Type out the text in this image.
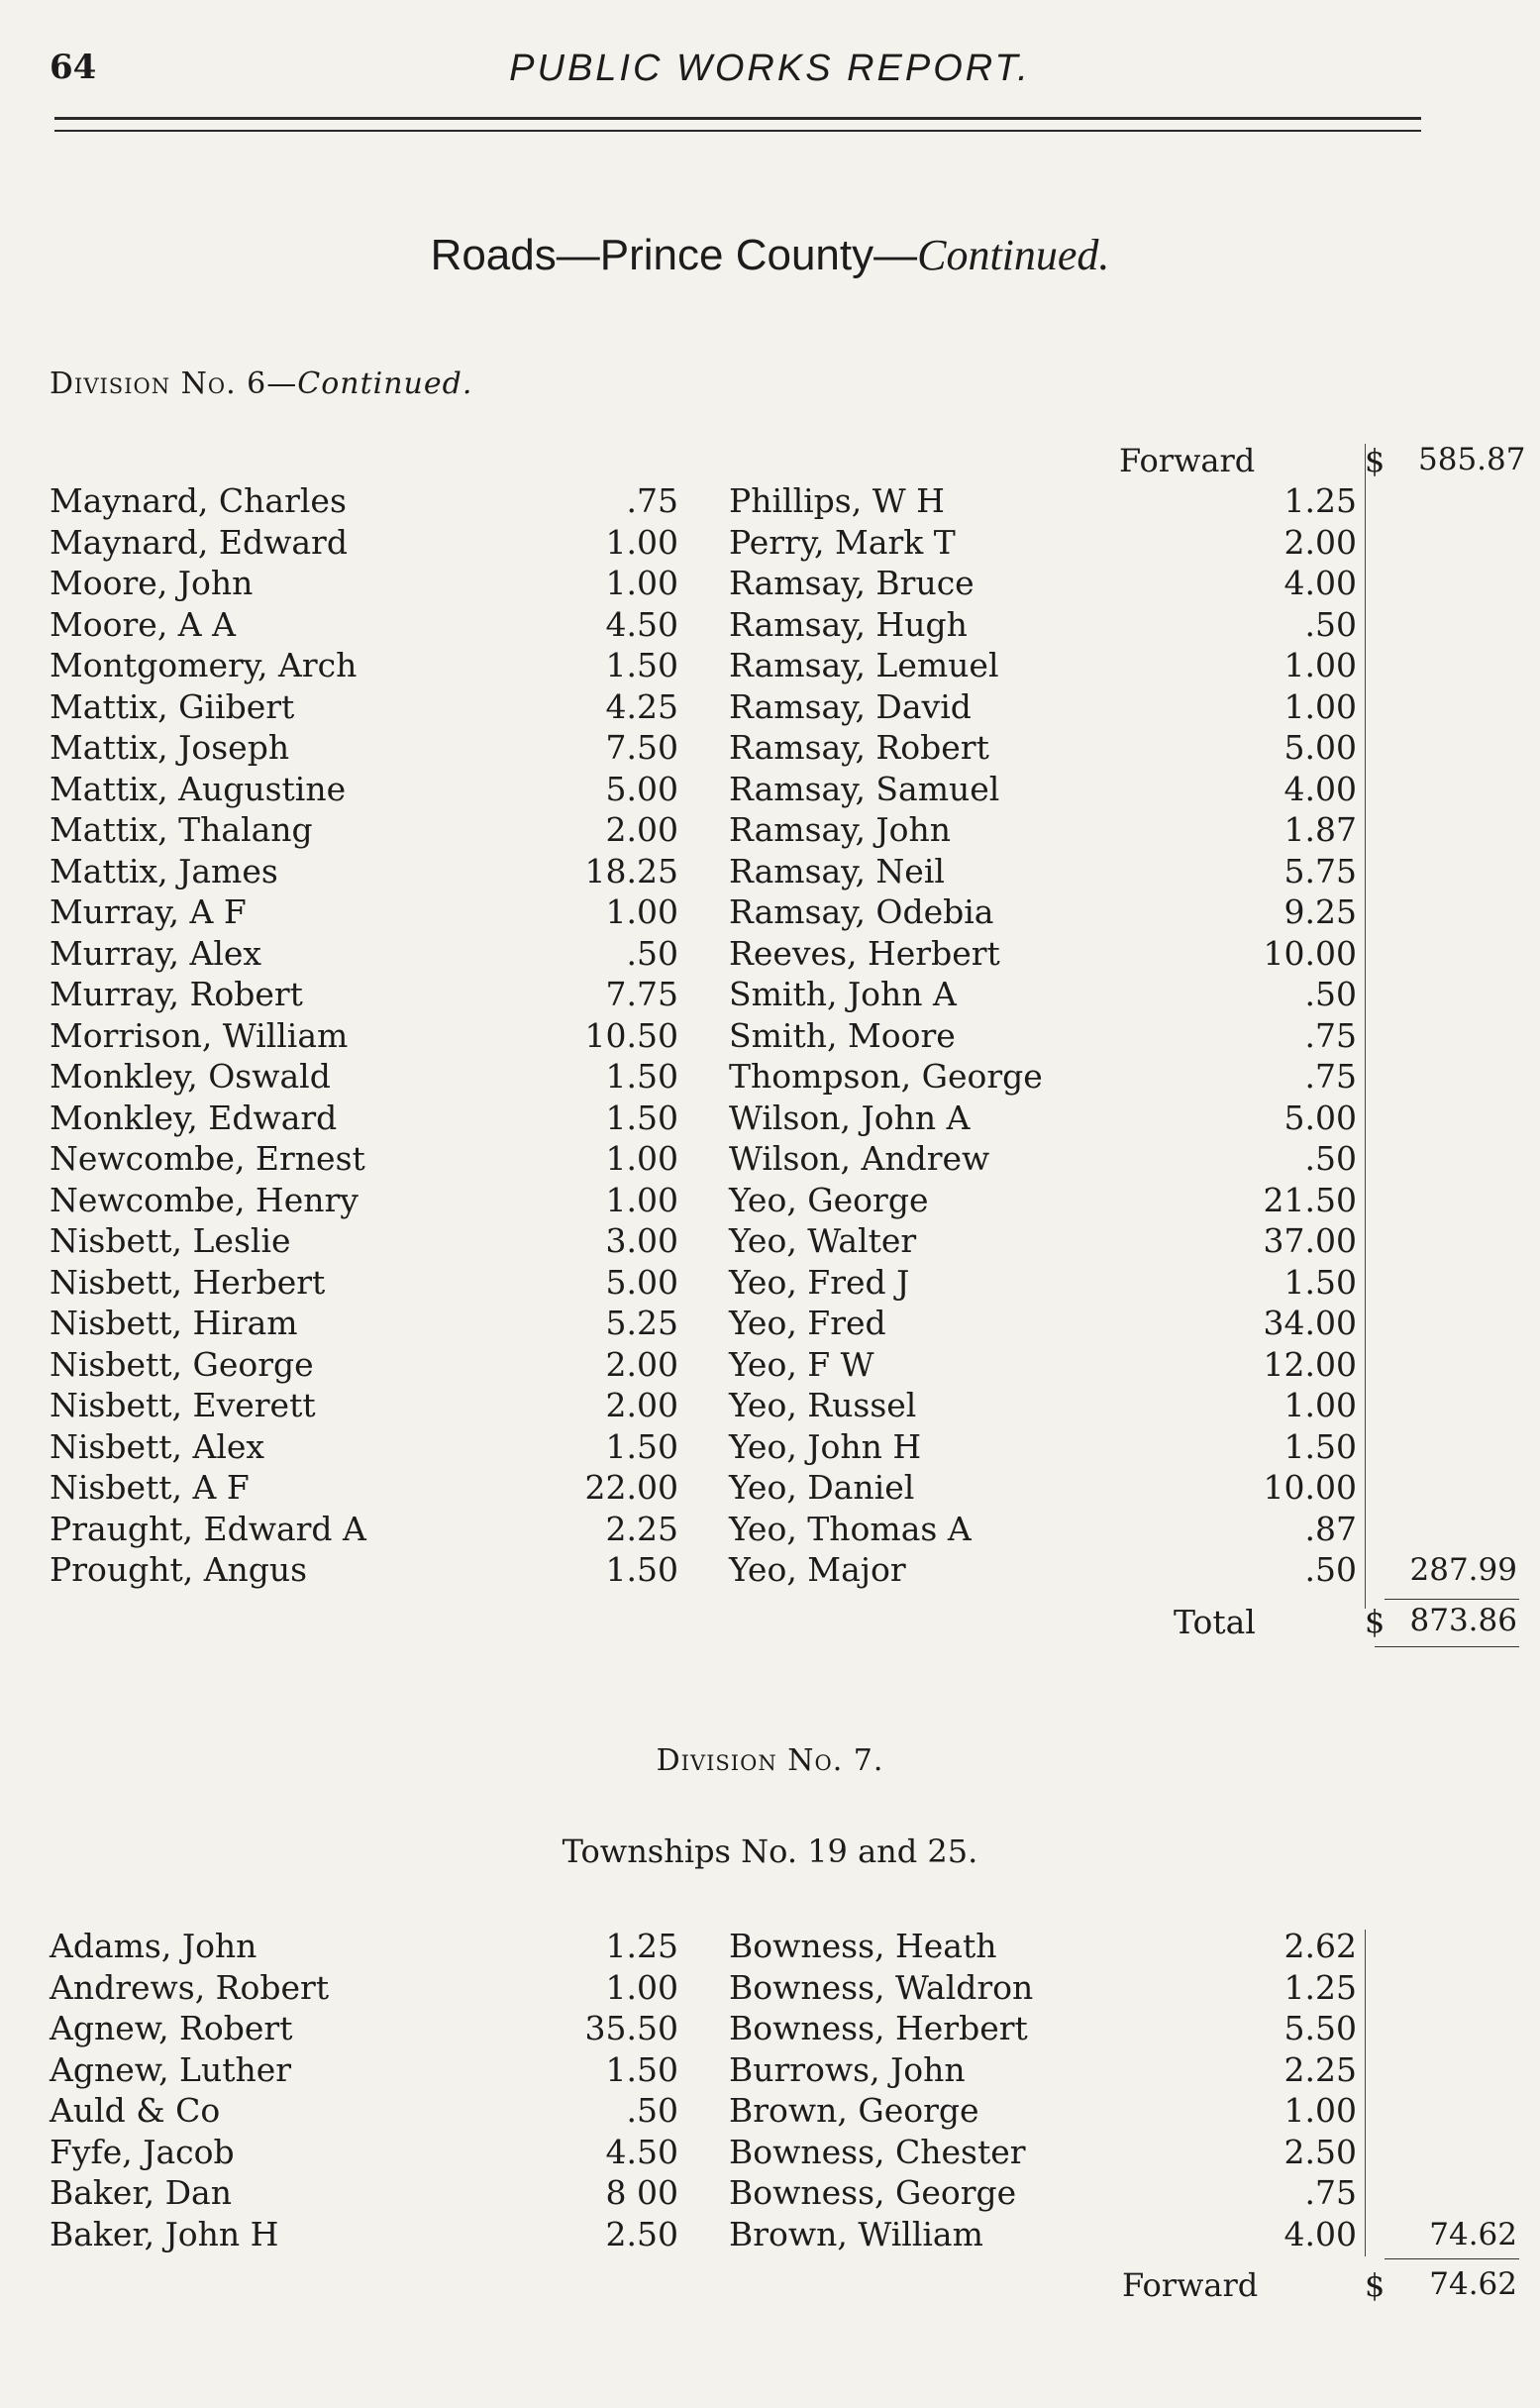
64	PUBLIC WORKS REPORT.
Roads—Prince County—Continued.
Division No. 6—Continued.
Forward	$ 585.87
Maynard, Charles	.75 Phillips, W H	1.25
Maynard, Edward	1.00 Perry, Mark T	2.00
Moore, John	1.00 Ramsay, Bruce	4.00
Moore, A A	4.50 Ramsay, Hugh	.50
Montgomery, Arch	1.50 Ramsay, Lemuel	1.00
Mattix, Giibert	4.25 Ramsay, David	1.00
Mattix, Joseph	7.50 Ramsay, Robert	5.00
Mattix, Augustine	5.00 Ramsay, Samuel	4.00
Mattix, Thalang	2.00 Ramsay, John	1.87
Mattix, James	18.25 Ramsay, Neil	5.75
Murray, A F	1.00 Ramsay, Odebia	9.25
Murray, Alex	.50 Reeves, Herbert	10.00
Murray, Robert	7.75 Smith, John A	.50
Morrison, William	10.50 Smith, Moore	.75
Monkley, Oswald	1.50 Thompson, George	.75
Monkley, Edward	1.50 Wilson, John A	5.00
Newcombe, Ernest	1.00 Wilson, Andrew	.50
Newcombe, Henry	1.00 Yeo, George	21.50
Nisbett, Leslie	3.00 Yeo, Walter	37.00
Nisbett, Herbert	5.00 Yeo, Fred J	1.50
Nisbett, Hiram	5.25 Yeo, Fred	34.00
Nisbett, George	2.00 Yeo, F W	12.00
Nisbett, Everett	2.00 Yeo, Russel	1.00
Nisbett, Alex	1.50 Yeo, John H	1.50
Nisbett, A F	22.00 Yeo, Daniel	10.00
Praught, Edward A	2.25 Yeo, Thomas A	.87
Prought, Angus	1.50 Yeo, Major	.50	287.99
Total	$ 873.86
Division No. 7.
Townships No. 19 and 25.
Adams, John	1.25 Bowness, Heath	2.62
Andrews, Robert	1.00 Bowness, Waldron	1.25
Agnew, Robert	35.50 Bowness, Herbert	5.50
Agnew, Luther	1.50 Burrows, John	2.25
Auld & Co	.50 Brown, George	1.00
Fyfe, Jacob	4.50 Bowness, Chester	2.50
Baker, Dan	8 00 Bowness, George	.75
Baker, John H	2.50 Brown, William	4.00	74.62
Forward	$	74.62
